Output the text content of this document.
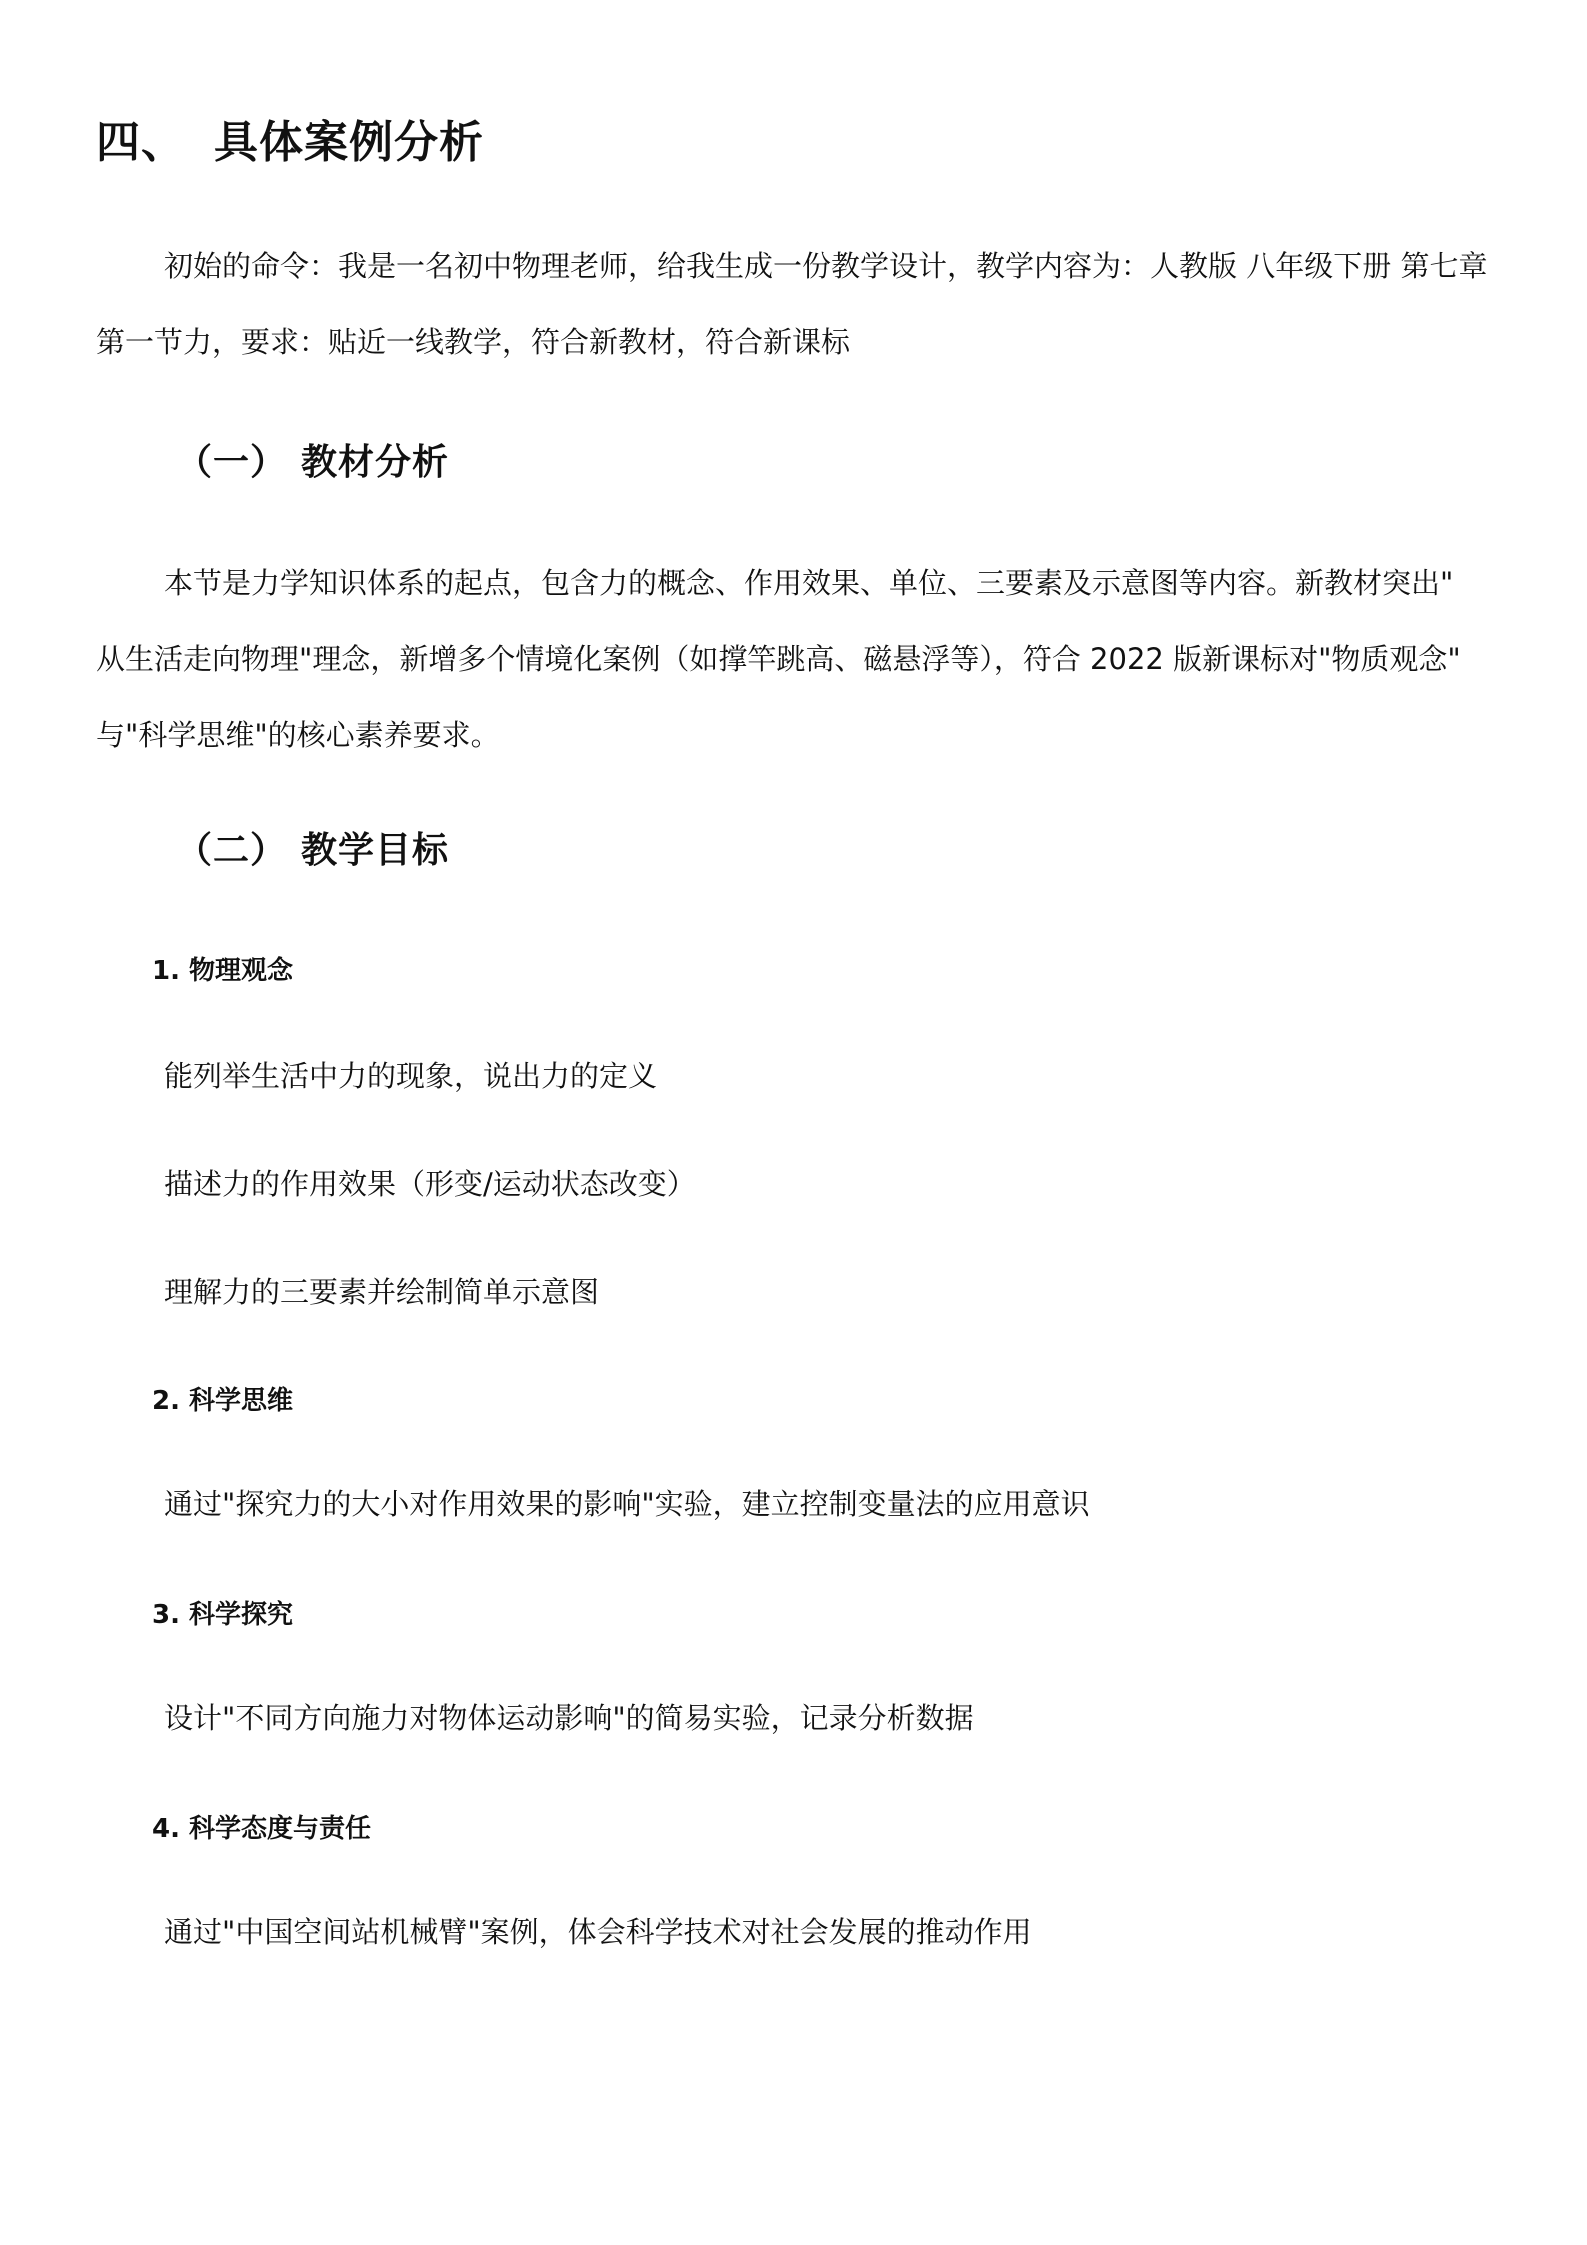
四、 具体案例分析
初始的命令：我是一名初中物理老师，给我生成一份教学设计，教学内容为：人教版 八年级下册 第七章
第一节力，要求：贴近一线教学，符合新教材，符合新课标
（一） 教材分析
本节是力学知识体系的起点，包含力的概念、作用效果、单位、三要素及示意图等内容。新教材突出"
从生活走向物理"理念，新增多个情境化案例（如撑竿跳高、磁悬浮等），符合 2022 版新课标对"物质观念"
与"科学思维"的核心素养要求。
（二） 教学目标
1. 物理观念
能列举生活中力的现象，说出力的定义
描述力的作用效果（形变/运动状态改变）
理解力的三要素并绘制简单示意图
2. 科学思维
通过"探究力的大小对作用效果的影响"实验，建立控制变量法的应用意识
3. 科学探究
设计"不同方向施力对物体运动影响"的简易实验，记录分析数据
4. 科学态度与责任
通过"中国空间站机械臂"案例，体会科学技术对社会发展的推动作用
